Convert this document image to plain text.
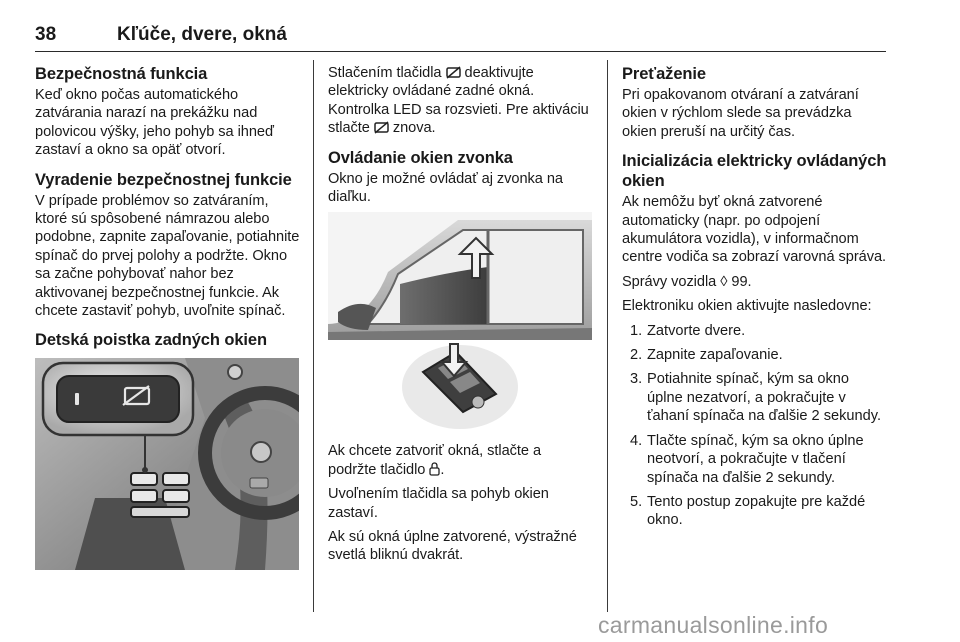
38	Kľúče, dvere, okná
Bezpečnostná funkcia

Keď okno počas automatického zatvárania narazí na prekážku nad polovicou výšky, jeho pohyb sa ihneď zastaví a okno sa opäť otvorí.

Vyradenie bezpečnostnej funkcie

V prípade problémov so zatváraním, ktoré sú spôsobené námrazou alebo podobne, zapnite zapaľovanie, potiahnite spínač do prvej polohy a podržte. Okno sa začne pohybovať nahor bez aktivovanej bezpečnostnej funkcie. Ak chcete zastaviť pohyb, uvoľnite spínač.

Detská poistka zadných okien

Stlačením tlačidla deaktivujte elektricky ovládané zadné okná. Kontrolka LED sa rozsvieti. Pre aktiváciu stlačte znova.

Ovládanie okien zvonka

Okno je možné ovládať aj zvonka na diaľku.

Ak chcete zatvoriť okná, stlačte a podržte tlačidlo .

Uvoľnením tlačidla sa pohyb okien zastaví.

Ak sú okná úplne zatvorené, výstražné svetlá bliknú dvakrát.

Preťaženie

Pri opakovanom otváraní a zatváraní okien v rýchlom slede sa prevádzka okien preruší na určitý čas.

Inicializácia elektricky ovládaných okien

Ak nemôžu byť okná zatvorené automaticky (napr. po odpojení akumulátora vozidla), v informačnom centre vodiča sa zobrazí varovná správa.

Správy vozidla ◊ 99.

Elektroniku okien aktivujte nasledovne:

1. Zatvorte dvere.
2. Zapnite zapaľovanie.
3. Potiahnite spínač, kým sa okno úplne nezatvorí, a pokračujte v ťahaní spínača na ďalšie 2 sekundy.
4. Tlačte spínač, kým sa okno úplne neotvorí, a pokračujte v tlačení spínača na ďalšie 2 sekundy.
5. Tento postup zopakujte pre každé okno.
carmanualsonline.info
